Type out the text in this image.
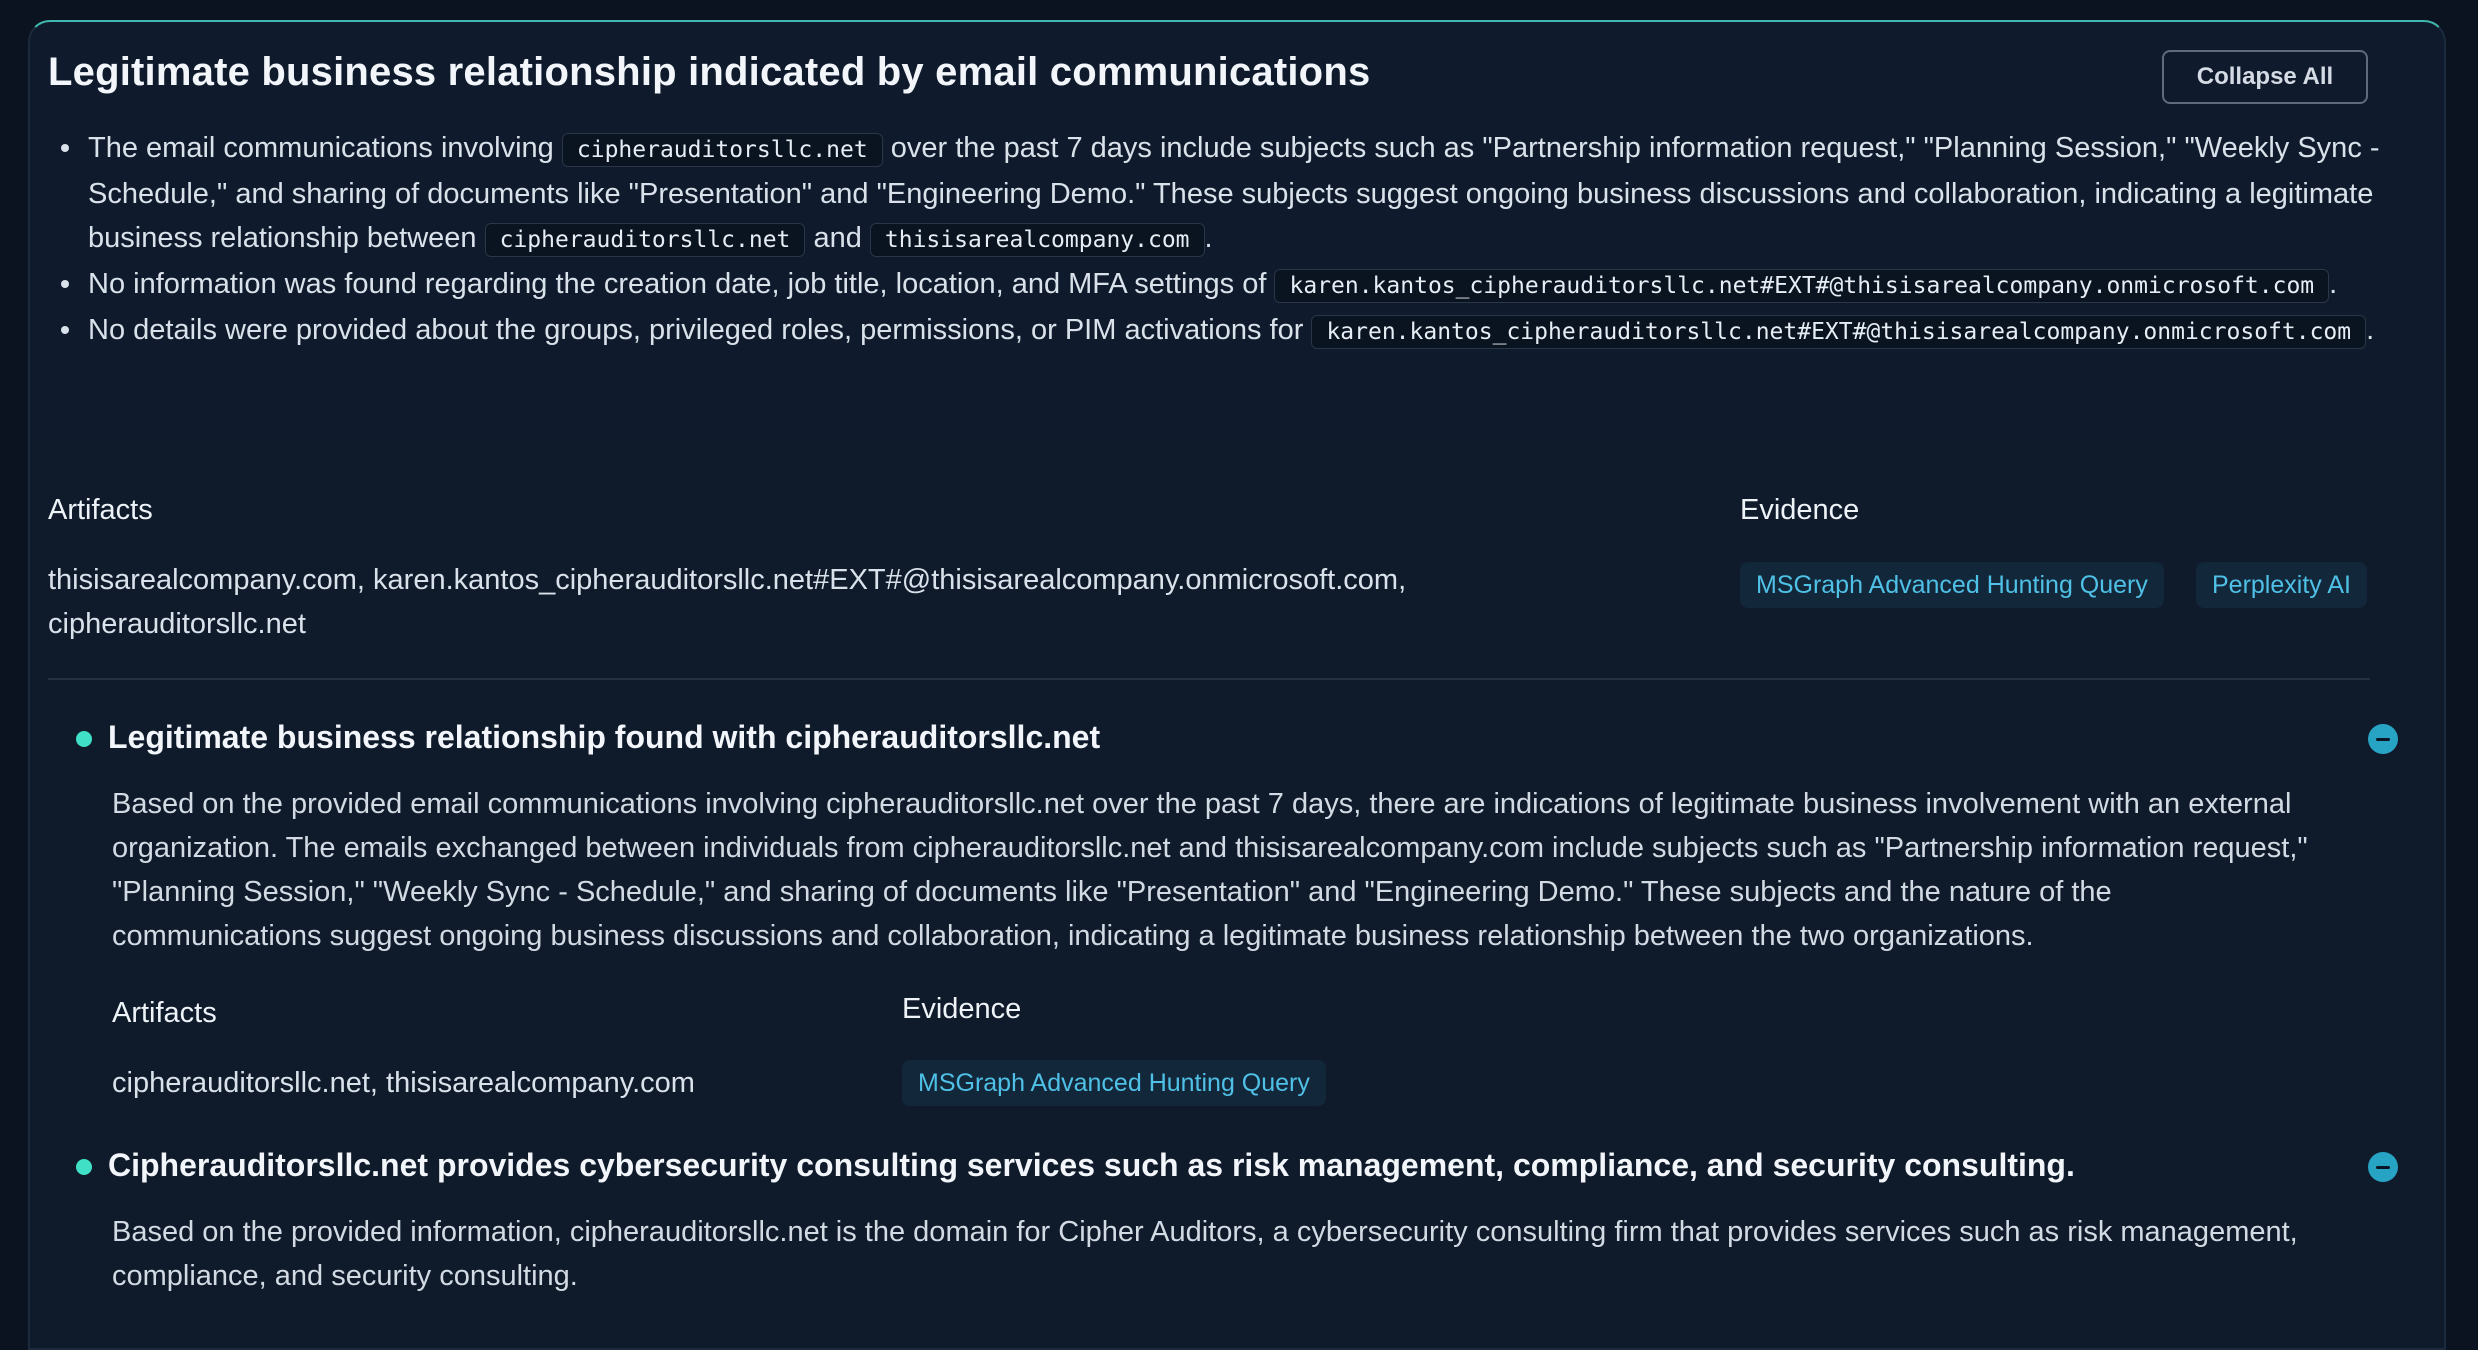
Legitimate business relationship indicated by email communications	Collapse All
The email communications involving cipherauditorsllc.net over the past 7 days include subjects such as "Partnership information request," "Planning Session," "Weekly Sync - Schedule," and sharing of documents like "Presentation" and "Engineering Demo." These subjects suggest ongoing business discussions and collaboration, indicating a legitimate business relationship between cipherauditorsllc.net and thisisarealcompany.com .
No information was found regarding the creation date, job title, location, and MFA settings of karen.kantos_cipherauditorsllc.net#EXT#@thisisarealcompany.onmicrosoft.com .
No details were provided about the groups, privileged roles, permissions, or PIM activations for karen.kantos_cipherauditorsllc.net#EXT#@thisisarealcompany.onmicrosoft.com .
Artifacts
thisisarealcompany.com, karen.kantos_cipherauditorsllc.net#EXT#@thisisarealcompany.onmicrosoft.com,
cipherauditorsllc.net
Evidence
MSGraph Advanced Hunting Query	Perplexity AI
Legitimate business relationship found with cipherauditorsllc.net
Based on the provided email communications involving cipherauditorsllc.net over the past 7 days, there are indications of legitimate business involvement with an external
organization. The emails exchanged between individuals from cipherauditorsllc.net and thisisarealcompany.com include subjects such as "Partnership information request,"
"Planning Session," "Weekly Sync - Schedule," and sharing of documents like "Presentation" and "Engineering Demo." These subjects and the nature of the
communications suggest ongoing business discussions and collaboration, indicating a legitimate business relationship between the two organizations.
Artifacts
cipherauditorsllc.net, thisisarealcompany.com
Evidence
MSGraph Advanced Hunting Query
Cipherauditorsllc.net provides cybersecurity consulting services such as risk management, compliance, and security consulting.
Based on the provided information, cipherauditorsllc.net is the domain for Cipher Auditors, a cybersecurity consulting firm that provides services such as risk management,
compliance, and security consulting.
